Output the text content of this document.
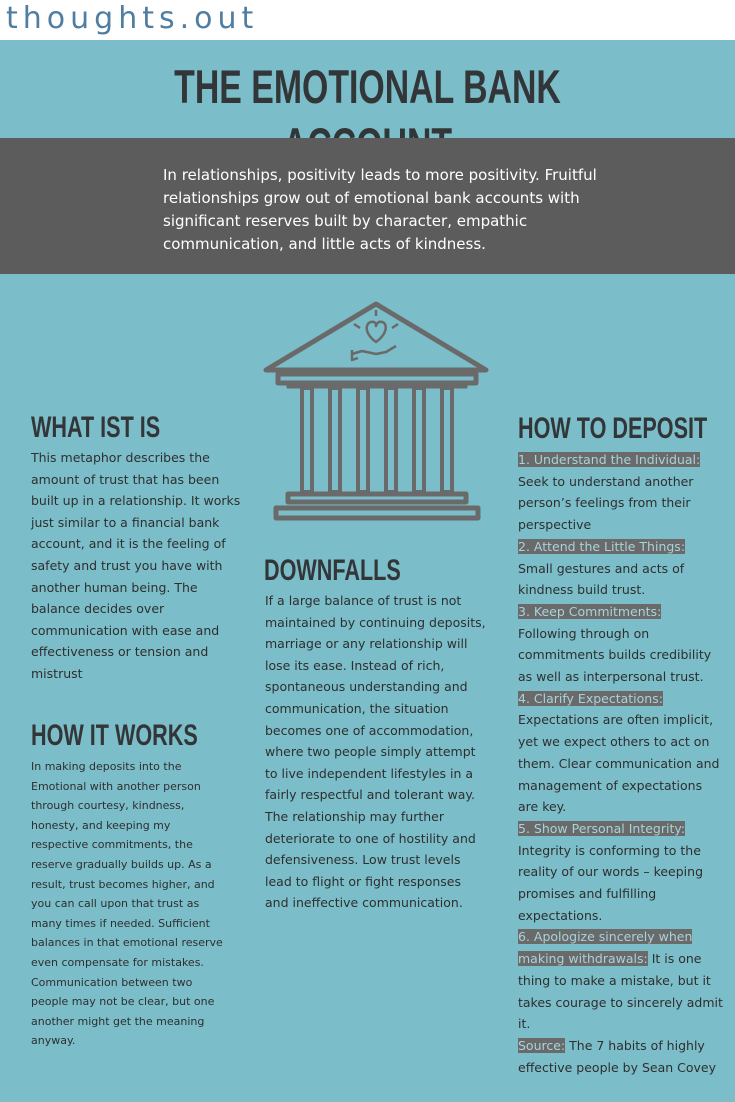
thoughts.out
THE EMOTIONAL BANK
In relationships, positivity leads to more positivity. Fruitful relationships grow out of emotional bank accounts with significant reserves built by character, empathic communication, and little acts of kindness.
WHAT IST IS
This metaphor describes the amount of trust that has been built up in a relationship. It works just similar to a financial bank account, and it is the feeling of safety and trust you have with another human being. The balance decides over communication with ease and effectiveness or tension and mistrust
HOW IT WORKS
In making deposits into the Emotional with another person through courtesy, kindness, honesty, and keeping my respective commitments, the reserve gradually builds up. As a result, trust becomes higher, and you can call upon that trust as many times if needed. Sufficient balances in that emotional reserve even compensate for mistakes. Communication between two people may not be clear, but one another might get the meaning anyway.
DOWNFALLS
If a large balance of trust is not maintained by continuing deposits, marriage or any relationship will lose its ease. Instead of rich, spontaneous understanding and communication, the situation becomes one of accommodation, where two people simply attempt to live independent lifestyles in a fairly respectful and tolerant way. The relationship may further deteriorate to one of hostility and defensiveness. Low trust levels lead to flight or fight responses and ineffective communication.
HOW TO DEPOSIT
1. Understand the Individual: Seek to understand another person’s feelings from their perspective
2. Attend the Little Things: Small gestures and acts of kindness build trust.
3. Keep Commitments: Following through on commitments builds credibility as well as interpersonal trust.
4. Clarify Expectations: Expectations are often implicit, yet we expect others to act on them. Clear communication and management of expectations are key.
5. Show Personal Integrity: Integrity is conforming to the reality of our words – keeping promises and fulfilling expectations.
6. Apologize sincerely when making withdrawals: It is one thing to make a mistake, but it takes courage to sincerely admit it.
Source: The 7 habits of highly effective people by Sean Covey
